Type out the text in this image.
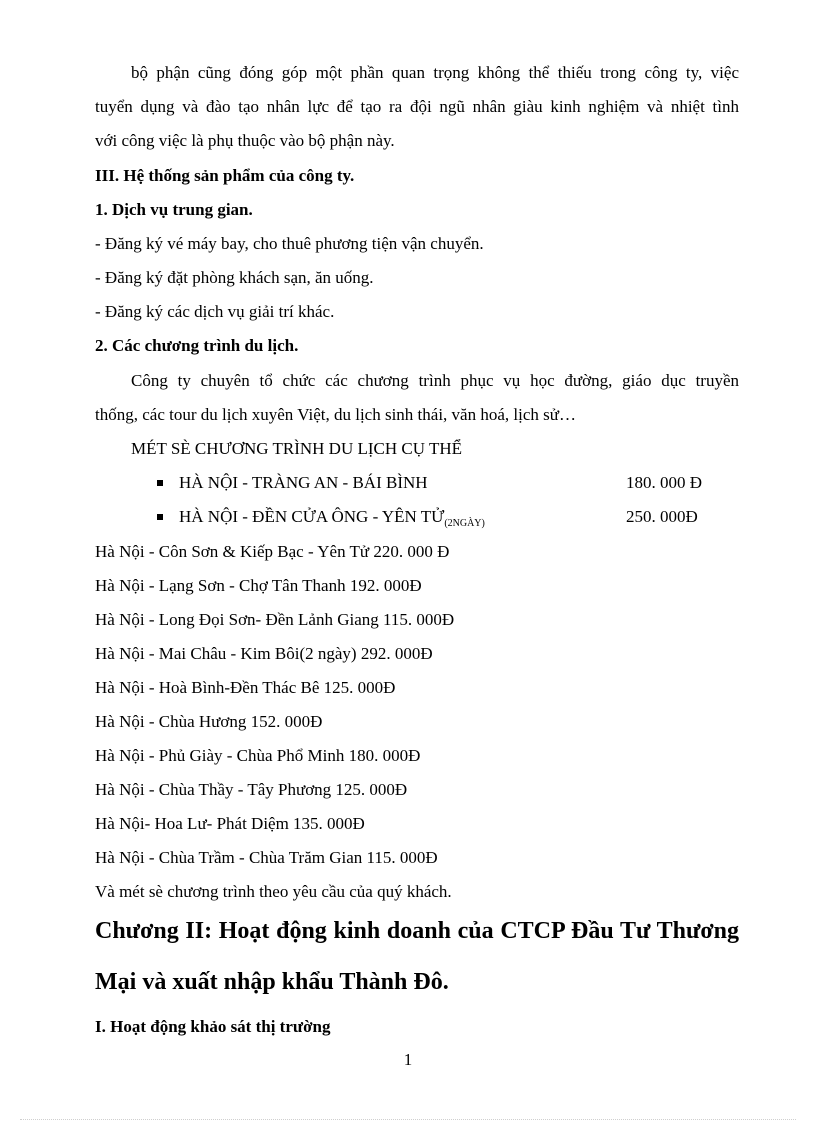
bộ phận cũng đóng góp một phần quan trọng không thể thiếu trong công ty, việc
tuyển dụng và đào tạo nhân lực để tạo ra đội ngũ nhân giàu kinh nghiệm và nhiệt tình
với công việc là phụ thuộc vào bộ phận này.
III. Hệ thống sản phẩm của công ty.
1. Dịch vụ trung gian.
- Đăng ký vé máy bay, cho thuê phương tiện vận chuyển.
- Đăng ký đặt phòng khách sạn, ăn uống.
- Đăng ký các dịch vụ giải trí khác.
2. Các chương trình du lịch.
Công ty chuyên tổ chức các chương trình phục vụ học đường, giáo dục truyền
thống, các tour du lịch xuyên Việt, du lịch sinh thái, văn hoá, lịch sử…
MÉT SÈ CHƯƠNG TRÌNH DU LỊCH CỤ THỂ
HÀ NỘI - TRÀNG AN - BÁI BÌNH	180. 000 Đ
HÀ NỘI - ĐỀN CỬA ÔNG - YÊN TỬ$_{(2NGÀY)}$	250. 000Đ
Hà Nội - Côn Sơn & Kiếp Bạc - Yên Tử 220. 000 Đ
Hà Nội - Lạng Sơn - Chợ Tân Thanh 192. 000Đ
Hà Nội - Long Đọi Sơn- Đền Lảnh Giang 115. 000Đ
Hà Nội - Mai Châu - Kim Bôi(2 ngày) 292. 000Đ
Hà Nội - Hoà Bình-Đền Thác Bê 125. 000Đ
Hà Nội - Chùa Hương 152. 000Đ
Hà Nội - Phủ Giày - Chùa Phổ Minh 180. 000Đ
Hà Nội - Chùa Thầy - Tây Phương 125. 000Đ
Hà Nội- Hoa Lư- Phát Diệm 135. 000Đ
Hà Nội - Chùa Trầm - Chùa Trăm Gian 115. 000Đ
Và mét sè chương trình theo yêu cầu của quý khách.
Chương II: Hoạt động kinh doanh của CTCP Đầu Tư Thương
Mại và xuất nhập khẩu Thành Đô.
I. Hoạt động khảo sát thị trường
1
